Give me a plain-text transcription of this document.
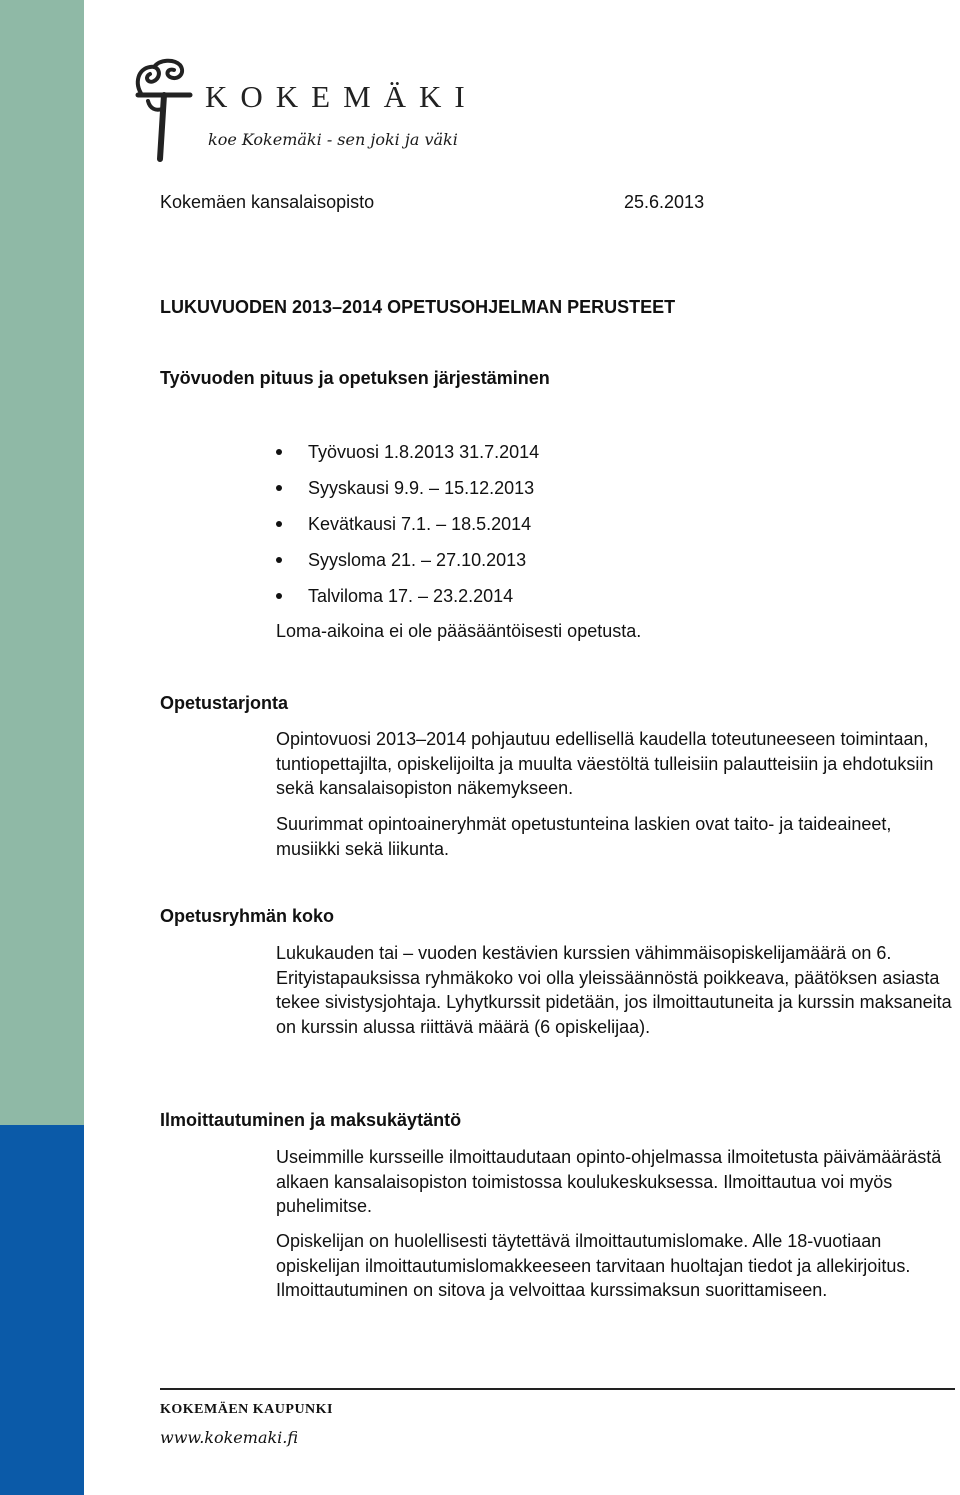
KOKEMÄKI
koe Kokemäki - sen joki ja väki
Kokemäen kansalaisopisto	25.6.2013
LUKUVUODEN 2013–2014 OPETUSOHJELMAN PERUSTEET
Työvuoden pituus ja opetuksen järjestäminen
Työvuosi 1.8.2013 31.7.2014
Syyskausi 9.9. – 15.12.2013
Kevätkausi 7.1. – 18.5.2014
Syysloma 21. – 27.10.2013
Talviloma 17. – 23.2.2014
Loma-aikoina ei ole pääsääntöisesti opetusta.
Opetustarjonta

Opintovuosi 2013–2014 pohjautuu edellisellä kaudella toteutuneeseen toimintaan, tuntiopettajilta, opiskelijoilta ja muulta väestöltä tulleisiin palautteisiin ja ehdotuksiin sekä kansalaisopiston näkemykseen.

Suurimmat opintoaineryhmät opetustunteina laskien ovat taito- ja taideaineet, musiikki sekä liikunta.

Opetusryhmän koko

Lukukauden tai – vuoden kestävien kurssien vähimmäisopiskelijamäärä on 6. Erityistapauksissa ryhmäkoko voi olla yleissäännöstä poikkeava, päätöksen asiasta tekee sivistysjohtaja. Lyhytkurssit pidetään, jos ilmoittautuneita ja kurssin maksaneita on kurssin alussa riittävä määrä (6 opiskelijaa).

Ilmoittautuminen ja maksukäytäntö

Useimmille kursseille ilmoittaudutaan opinto-ohjelmassa ilmoitetusta päivämäärästä alkaen kansalaisopiston toimistossa koulukeskuksessa. Ilmoittautua voi myös puhelimitse.

Opiskelijan on huolellisesti täytettävä ilmoittautumislomake. Alle 18-vuotiaan opiskelijan ilmoittautumislomakkeeseen tarvitaan huoltajan tiedot ja allekirjoitus. Ilmoittautuminen on sitova ja velvoittaa kurssimaksun suorittamiseen.

KOKEMÄEN KAUPUNKI
www.kokemaki.fi
